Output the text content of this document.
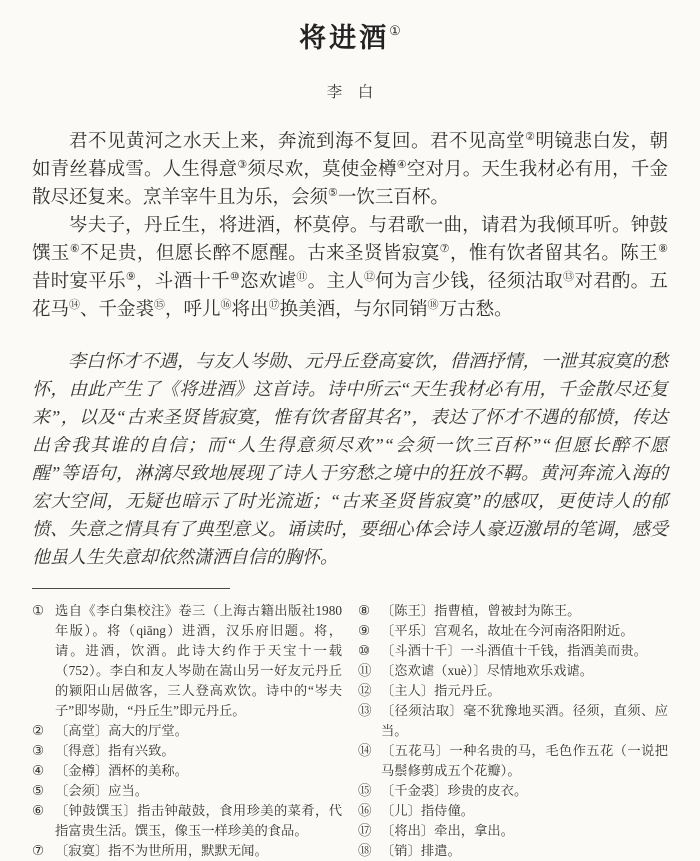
将进酒①
李　白

君不见黄河之水天上来，奔流到海不复回。君不见高堂②明镜悲白发，朝如青丝暮成雪。人生得意③须尽欢，莫使金樽④空对月。天生我材必有用，千金散尽还复来。烹羊宰牛且为乐，会须⑤一饮三百杯。

岑夫子，丹丘生，将进酒，杯莫停。与君歌一曲，请君为我倾耳听。钟鼓馔玉⑥不足贵，但愿长醉不愿醒。古来圣贤皆寂寞⑦，惟有饮者留其名。陈王⑧昔时宴平乐⑨，斗酒十千⑩恣欢谑⑪。主人⑫何为言少钱，径须沽取⑬对君酌。五花马⑭、千金裘⑮，呼儿⑯将出⑰换美酒，与尔同销⑱万古愁。

李白怀才不遇，与友人岑勋、元丹丘登高宴饮，借酒抒情，一泄其寂寞的愁怀，由此产生了《将进酒》这首诗。诗中所云“天生我材必有用，千金散尽还复来”，以及“古来圣贤皆寂寞，惟有饮者留其名”，表达了怀才不遇的郁愤，传达出舍我其谁的自信；而“人生得意须尽欢”“会须一饮三百杯”“但愿长醉不愿醒”等语句，淋漓尽致地展现了诗人于穷愁之境中的狂放不羁。黄河奔流入海的宏大空间，无疑也暗示了时光流逝；“古来圣贤皆寂寞”的感叹，更使诗人的郁愤、失意之情具有了典型意义。诵读时，要细心体会诗人豪迈激昂的笔调，感受他虽人生失意却依然潇洒自信的胸怀。

① 选自《李白集校注》卷三（上海古籍出版社1980年版）。将（qiāng）进酒，汉乐府旧题。将，请。进酒，饮酒。此诗大约作于天宝十一载（752）。李白和友人岑勋在嵩山另一好友元丹丘的颍阳山居做客，三人登高欢饮。诗中的“岑夫子”即岑勋，“丹丘生”即元丹丘。
② 〔高堂〕高大的厅堂。
③ 〔得意〕指有兴致。
④ 〔金樽〕酒杯的美称。
⑤ 〔会须〕应当。
⑥ 〔钟鼓馔玉〕指击钟敲鼓，食用珍美的菜肴，代指富贵生活。馔玉，像玉一样珍美的食品。
⑦ 〔寂寞〕指不为世所用，默默无闻。
⑧ 〔陈王〕指曹植，曾被封为陈王。
⑨ 〔平乐〕宫观名，故址在今河南洛阳附近。
⑩ 〔斗酒十千〕一斗酒值十千钱，指酒美而贵。
⑪ 〔恣欢谑（xuè）〕尽情地欢乐戏谑。
⑫ 〔主人〕指元丹丘。
⑬ 〔径须沽取〕毫不犹豫地买酒。径须，直须、应当。
⑭ 〔五花马〕一种名贵的马，毛色作五花（一说把马鬃修剪成五个花瓣）。
⑮ 〔千金裘〕珍贵的皮衣。
⑯ 〔儿〕指侍僮。
⑰ 〔将出〕牵出，拿出。
⑱ 〔销〕排遣。
